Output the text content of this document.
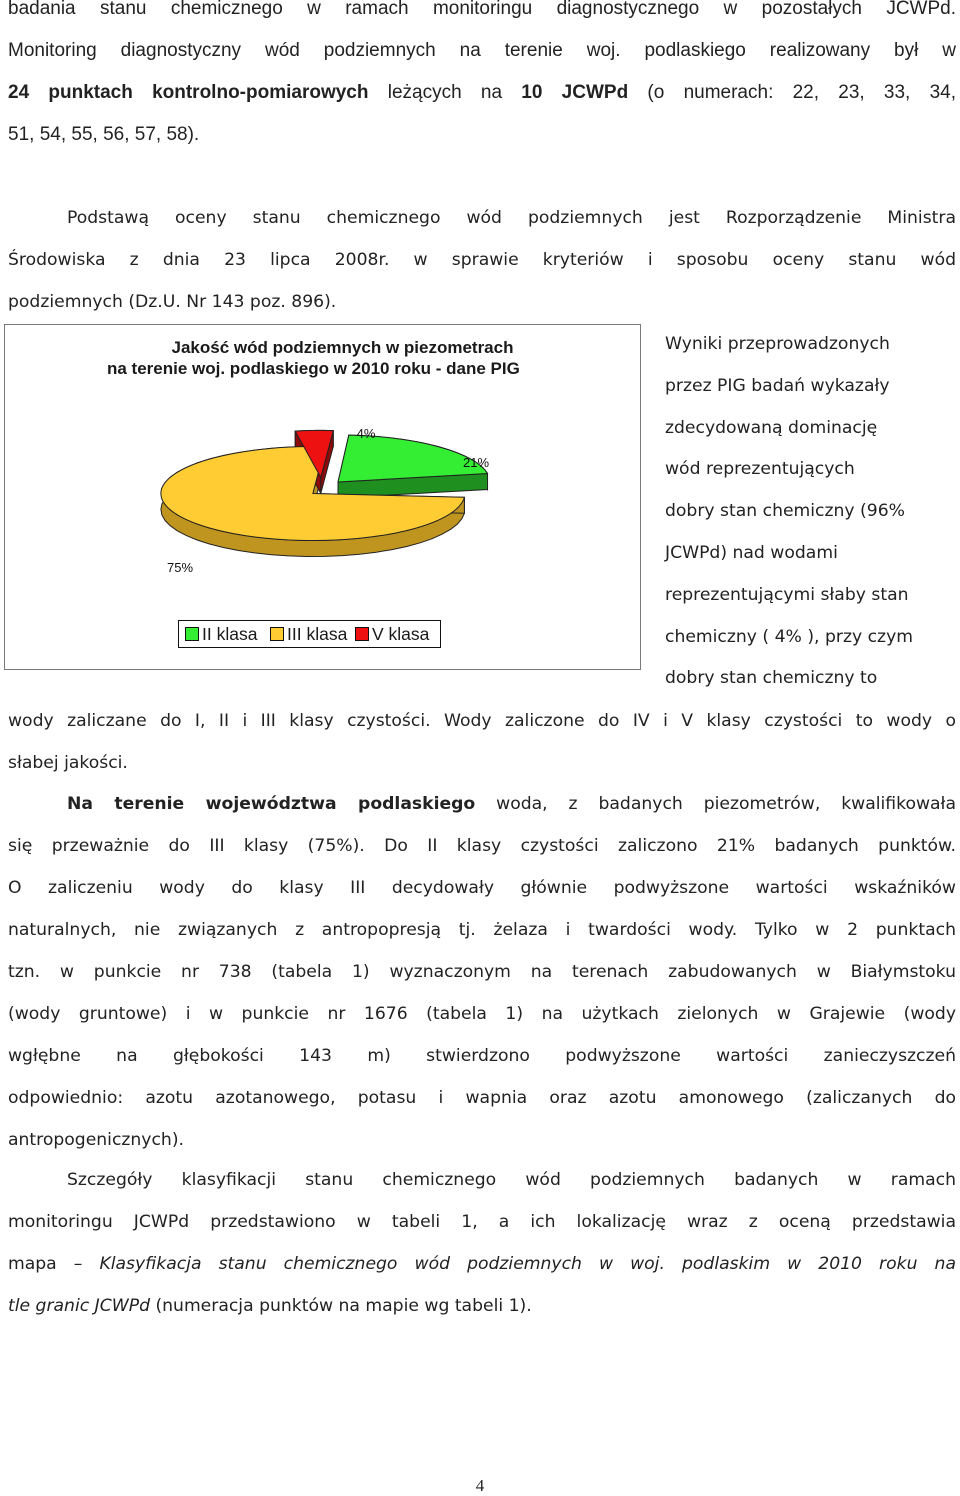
badania stanu chemicznego w ramach monitoringu diagnostycznego w pozostałych JCWPd.
Monitoring diagnostyczny wód podziemnych na terenie woj. podlaskiego realizowany był w
24 punktach kontrolno-pomiarowych leżących na 10 JCWPd (o numerach: 22, 23, 33, 34,
51, 54, 55, 56, 57, 58).
Podstawą oceny stanu chemicznego wód podziemnych jest Rozporządzenie Ministra
Środowiska z dnia 23 lipca 2008r. w sprawie kryteriów i sposobu oceny stanu wód
podziemnych (Dz.U. Nr 143 poz. 896).
Jakość wód podziemnych w piezometrach
na terenie woj. podlaskiego w 2010 roku - dane PIG
21%
75%
4%
II klasa	III klasa	V klasa
Wyniki przeprowadzonych
przez PIG badań wykazały
zdecydowaną dominację
wód reprezentujących
dobry stan chemiczny (96%
JCWPd) nad wodami
reprezentującymi słaby stan
chemiczny ( 4% ), przy czym
dobry stan chemiczny to
wody zaliczane do I, II i III klasy czystości. Wody zaliczone do IV i V klasy czystości to wody o
słabej jakości.
Na terenie województwa podlaskiego woda, z badanych piezometrów, kwalifikowała
się przeważnie do III klasy (75%). Do II klasy czystości zaliczono 21% badanych punktów.
O zaliczeniu wody do klasy III decydowały głównie podwyższone wartości wskaźników
naturalnych, nie związanych z antropopresją tj. żelaza i twardości wody. Tylko w 2 punktach
tzn. w punkcie nr 738 (tabela 1) wyznaczonym na terenach zabudowanych w Białymstoku
(wody gruntowe) i w punkcie nr 1676 (tabela 1) na użytkach zielonych w Grajewie (wody
wgłębne na głębokości 143 m) stwierdzono podwyższone wartości zanieczyszczeń
odpowiednio: azotu azotanowego, potasu i wapnia oraz azotu amonowego (zaliczanych do
antropogenicznych).
Szczegóły klasyfikacji stanu chemicznego wód podziemnych badanych w ramach
monitoringu JCWPd przedstawiono w tabeli 1, a ich lokalizację wraz z oceną przedstawia
mapa – Klasyfikacja stanu chemicznego wód podziemnych w woj. podlaskim w 2010 roku na
tle granic JCWPd (numeracja punktów na mapie wg tabeli 1).
4
